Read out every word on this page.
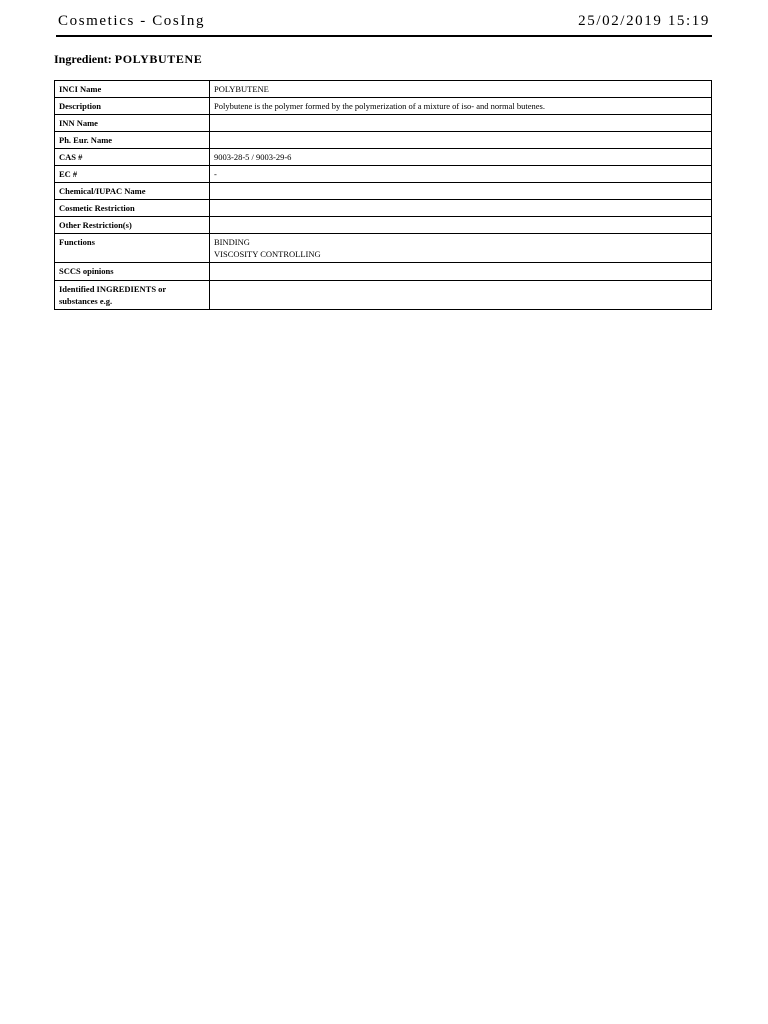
Cosmetics - CosIng	25/02/2019 15:19
Ingredient: POLYBUTENE
INCI Name	POLYBUTENE
Description	Polybutene is the polymer formed by the polymerization of a mixture of iso- and normal butenes.
INN Name	
Ph. Eur. Name	
CAS #	9003-28-5 / 9003-29-6
EC #	-
Chemical/IUPAC Name	
Cosmetic Restriction	
Other Restriction(s)	
Functions	BINDING
VISCOSITY CONTROLLING
SCCS opinions	
Identified INGREDIENTS or substances e.g.	
